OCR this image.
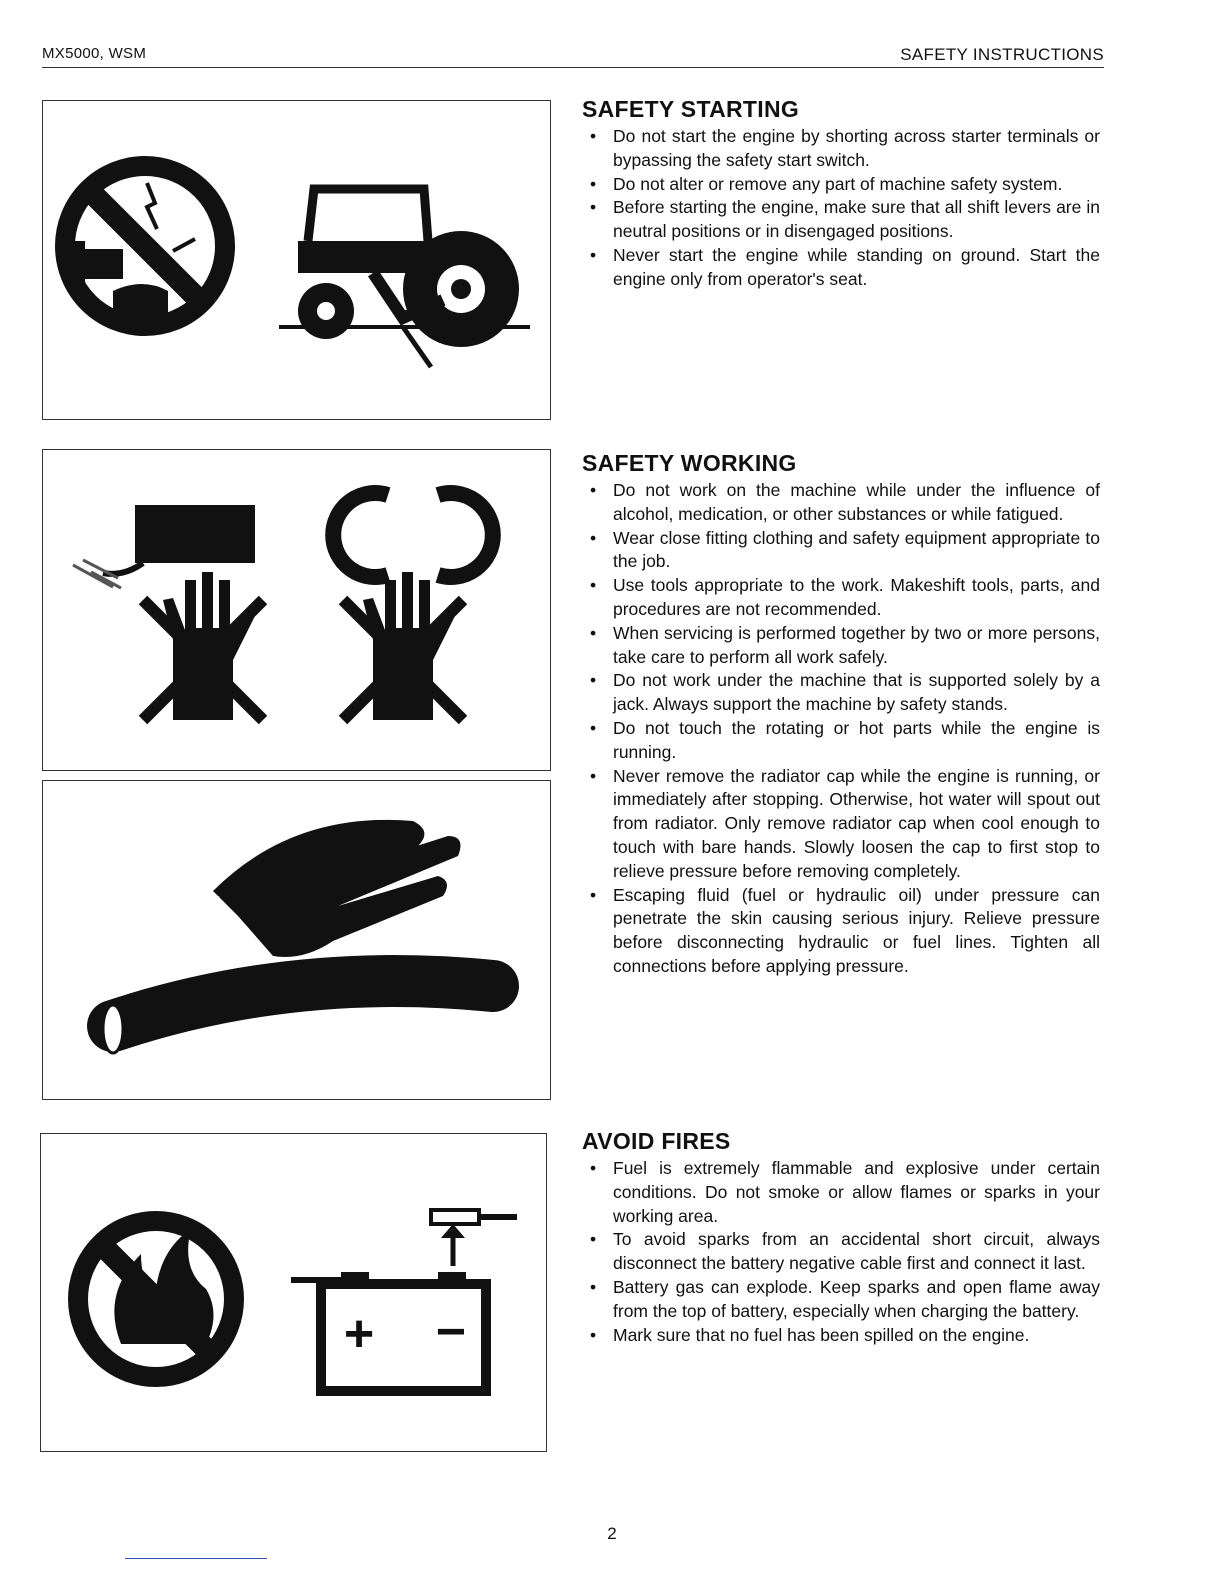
MX5000, WSM	SAFETY INSTRUCTIONS
+ −
SAFETY STARTING
• Do not start the engine by shorting across starter terminals or bypassing the safety start switch.
• Do not alter or remove any part of machine safety system.
• Before starting the engine, make sure that all shift levers are in neutral positions or in disengaged positions.
• Never start the engine while standing on ground. Start the engine only from operator's seat.
SAFETY WORKING
• Do not work on the machine while under the influence of alcohol, medication, or other substances or while fatigued.
• Wear close fitting clothing and safety equipment appropriate to the job.
• Use tools appropriate to the work. Makeshift tools, parts, and procedures are not recommended.
• When servicing is performed together by two or more persons, take care to perform all work safely.
• Do not work under the machine that is supported solely by a jack. Always support the machine by safety stands.
• Do not touch the rotating or hot parts while the engine is running.
• Never remove the radiator cap while the engine is running, or immediately after stopping. Otherwise, hot water will spout out from radiator. Only remove radiator cap when cool enough to touch with bare hands. Slowly loosen the cap to first stop to relieve pressure before removing completely.
• Escaping fluid (fuel or hydraulic oil) under pressure can penetrate the skin causing serious injury. Relieve pressure before disconnecting hydraulic or fuel lines. Tighten all connections before applying pressure.
AVOID FIRES
• Fuel is extremely flammable and explosive under certain conditions. Do not smoke or allow flames or sparks in your working area.
• To avoid sparks from an accidental short circuit, always disconnect the battery negative cable first and connect it last.
• Battery gas can explode. Keep sparks and open flame away from the top of battery, especially when charging the battery.
• Mark sure that no fuel has been spilled on the engine.
2
